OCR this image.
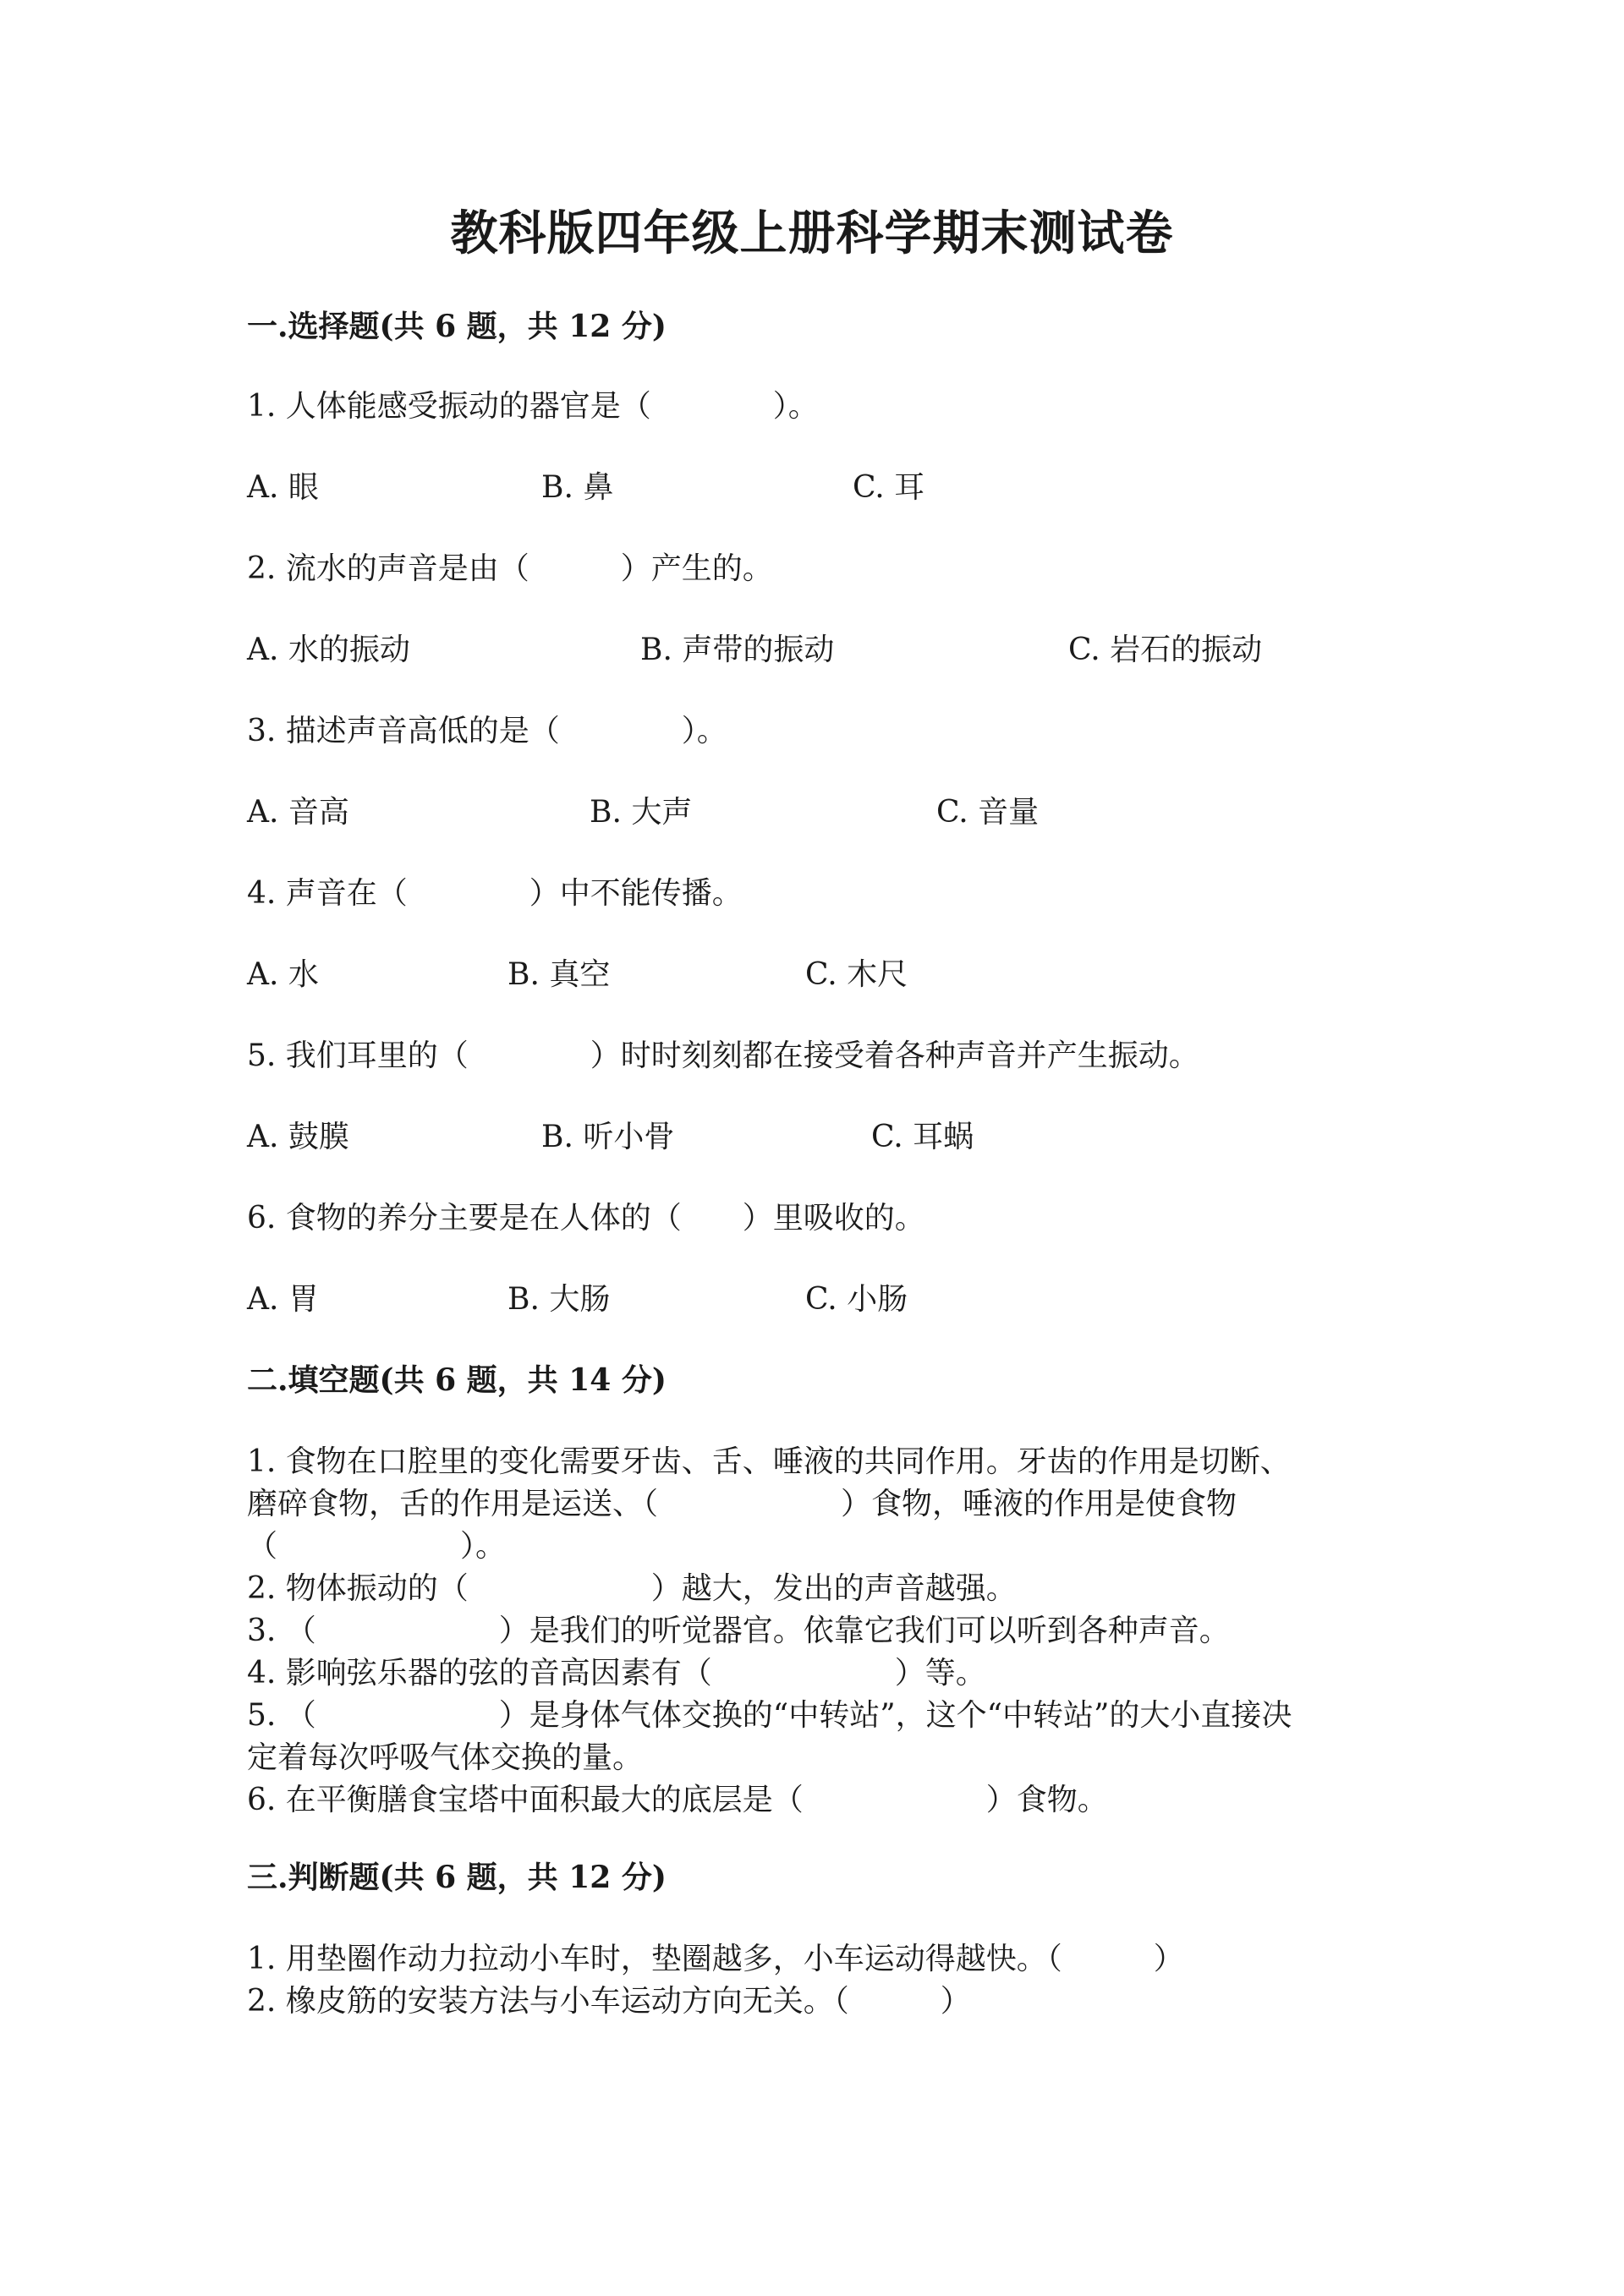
教科版四年级上册科学期末测试卷
一.选择题(共 6 题，共 12 分)
1. 人体能感受振动的器官是（　　　　）。
A. 眼	B. 鼻	C. 耳
2. 流水的声音是由（　　　）产生的。
A. 水的振动	B. 声带的振动	C. 岩石的振动
3. 描述声音高低的是（　　　　）。
A. 音高	B. 大声	C. 音量
4. 声音在（　　　　）中不能传播。
A. 水	B. 真空	C. 木尺
5. 我们耳里的（　　　　）时时刻刻都在接受着各种声音并产生振动。
A. 鼓膜	B. 听小骨	C. 耳蜗
6. 食物的养分主要是在人体的（　　）里吸收的。
A. 胃	B. 大肠	C. 小肠
二.填空题(共 6 题，共 14 分)
1. 食物在口腔里的变化需要牙齿、舌、唾液的共同作用。牙齿的作用是切断、
磨碎食物，舌的作用是运送、（　　　　　　）食物，唾液的作用是使食物
（　　　　　　）。
2. 物体振动的（　　　　　　）越大，发出的声音越强。
3. （　　　　　　）是我们的听觉器官。依靠它我们可以听到各种声音。
4. 影响弦乐器的弦的音高因素有（　　　　　　）等。
5. （　　　　　　）是身体气体交换的“中转站”，这个“中转站”的大小直接决
定着每次呼吸气体交换的量。
6. 在平衡膳食宝塔中面积最大的底层是（　　　　　　）食物。
三.判断题(共 6 题，共 12 分)
1. 用垫圈作动力拉动小车时，垫圈越多，小车运动得越快。（　　　）
2. 橡皮筋的安装方法与小车运动方向无关。（　　　）
